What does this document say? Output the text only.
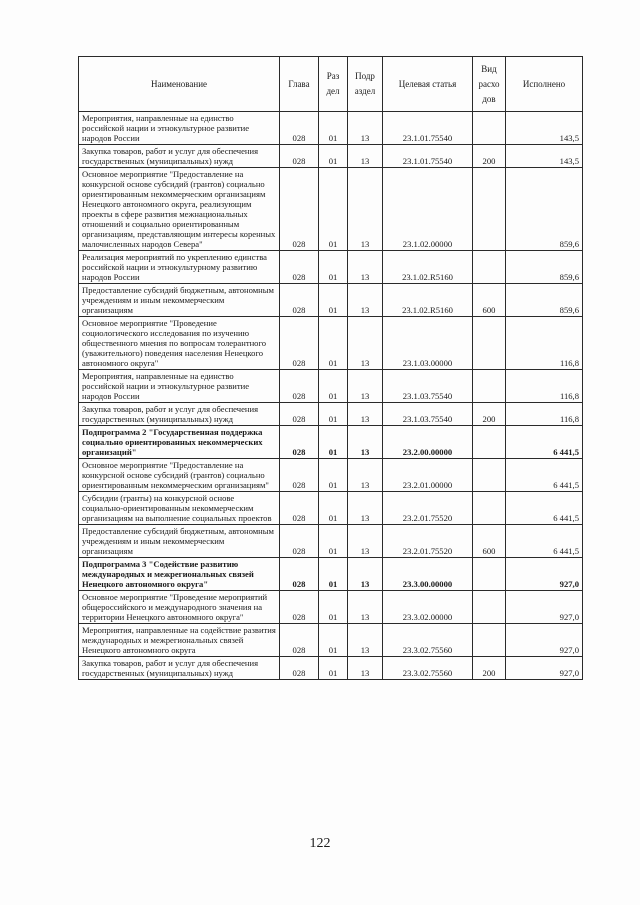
Наименование	Глава	Раз дел	Подр аздел	Целевая статья	Вид расхо дов	Исполнено
Мероприятия, направленные на единство российской нации и этнокультурное развитие народов России	028	01	13	23.1.01.75540		143,5
Закупка товаров, работ и услуг для обеспечения государственных (муниципальных) нужд	028	01	13	23.1.01.75540	200	143,5
Основное мероприятие "Предоставление на конкурсной основе субсидий (грантов) социально ориентированным некоммерческим организациям Ненецкого автономного округа, реализующим проекты в сфере развития межнациональных отношений и социально ориентированным организациям, представляющим интересы коренных малочисленных народов Севера"	028	01	13	23.1.02.00000		859,6
Реализация мероприятий по укреплению единства российской нации и этнокультурному развитию народов России	028	01	13	23.1.02.R5160		859,6
Предоставление субсидий бюджетным, автономным учреждениям и иным некоммерческим организациям	028	01	13	23.1.02.R5160	600	859,6
Основное мероприятие "Проведение социологического исследования по изучению общественного мнения по вопросам толерантного (уважительного) поведения населения Ненецкого автономного округа"	028	01	13	23.1.03.00000		116,8
Мероприятия, направленные на единство российской нации и этнокультурное развитие народов России	028	01	13	23.1.03.75540		116,8
Закупка товаров, работ и услуг для обеспечения государственных (муниципальных) нужд	028	01	13	23.1.03.75540	200	116,8
Подпрограмма 2 "Государственная поддержка социально ориентированных некоммерческих организаций"	028	01	13	23.2.00.00000		6 441,5
Основное мероприятие "Предоставление на конкурсной основе субсидий (грантов) социально ориентированным некоммерческим организациям"	028	01	13	23.2.01.00000		6 441,5
Субсидии (гранты) на конкурсной основе социально-ориентированным некоммерческим организациям на выполнение социальных проектов	028	01	13	23.2.01.75520		6 441,5
Предоставление субсидий бюджетным, автономным учреждениям и иным некоммерческим организациям	028	01	13	23.2.01.75520	600	6 441,5
Подпрограмма 3 "Содействие развитию международных и межрегиональных связей Ненецкого автономного округа"	028	01	13	23.3.00.00000		927,0
Основное мероприятие "Проведение мероприятий общероссийского и международного значения на территории Ненецкого автономного округа"	028	01	13	23.3.02.00000		927,0
Мероприятия, направленные на содействие развития международных и межрегиональных связей Ненецкого автономного округа	028	01	13	23.3.02.75560		927,0
Закупка товаров, работ и услуг для обеспечения государственных (муниципальных) нужд	028	01	13	23.3.02.75560	200	927,0
122
